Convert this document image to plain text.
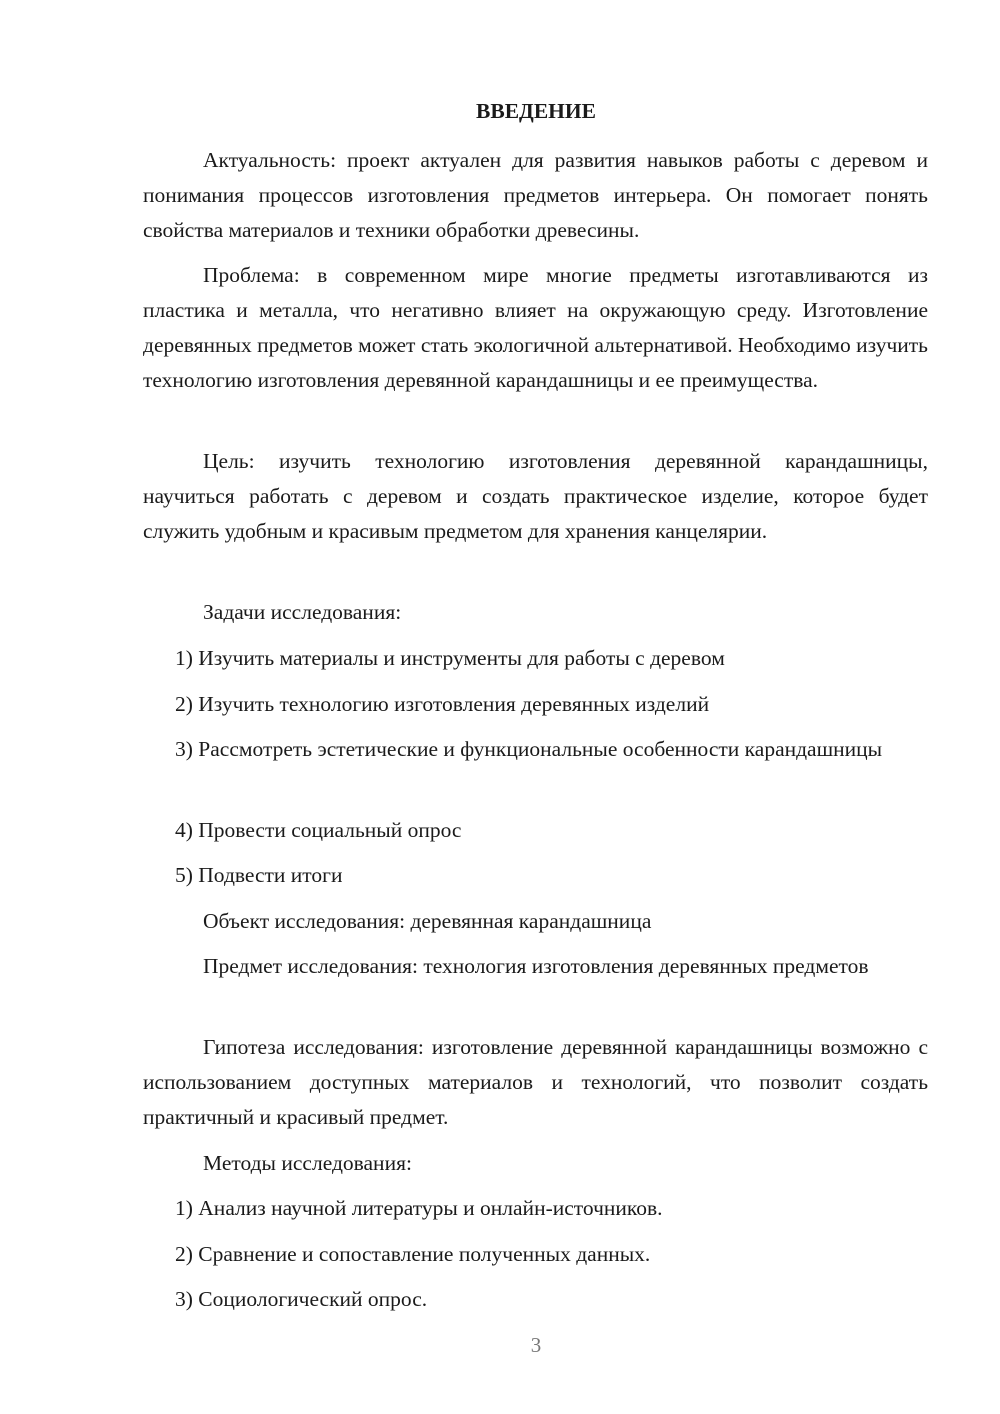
ВВЕДЕНИЕ

Актуальность: проект актуален для развития навыков работы с деревом и понимания процессов изготовления предметов интерьера. Он помогает понять свойства материалов и техники обработки древесины.

Проблема: в современном мире многие предметы изготавливаются из пластика и металла, что негативно влияет на окружающую среду. Изготовление деревянных предметов может стать экологичной альтернативой. Необходимо изучить технологию изготовления деревянной карандашницы и ее преимущества.

Цель: изучить технологию изготовления деревянной карандашницы, научиться работать с деревом и создать практическое изделие, которое будет служить удобным и красивым предметом для хранения канцелярии.

Задачи исследования:

1) Изучить материалы и инструменты для работы с деревом

2) Изучить технологию изготовления деревянных изделий

3) Рассмотреть эстетические и функциональные особенности карандашницы

4) Провести социальный опрос

5) Подвести итоги

Объект исследования: деревянная карандашница

Предмет исследования: технология изготовления деревянных предметов

Гипотеза исследования: изготовление деревянной карандашницы возможно с использованием доступных материалов и технологий, что позволит создать практичный и красивый предмет.

Методы исследования:

1) Анализ научной литературы и онлайн-источников.

2) Сравнение и сопоставление полученных данных.

3) Социологический опрос.

3
